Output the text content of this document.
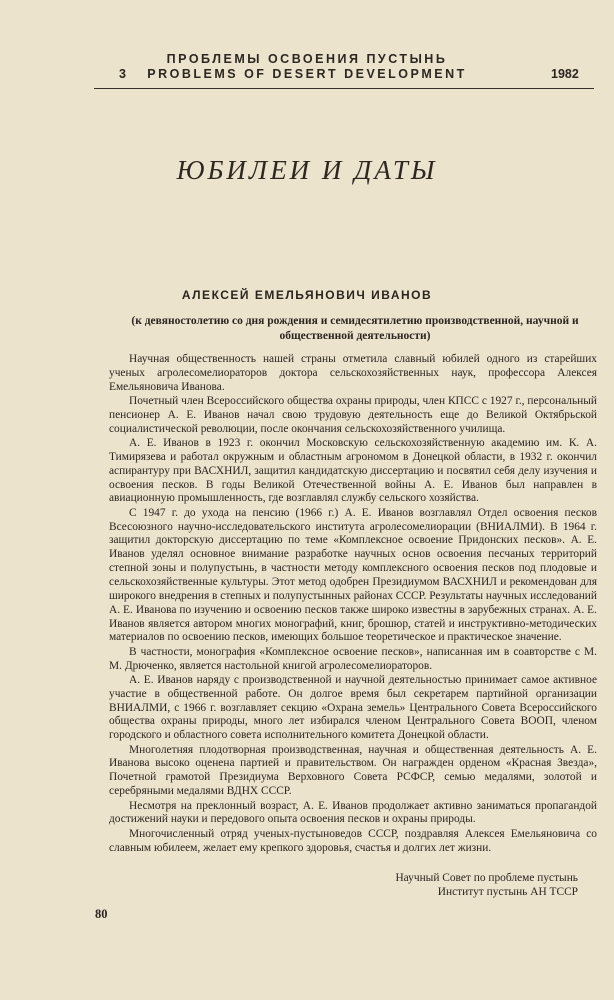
ПРОБЛЕМЫ ОСВОЕНИЯ ПУСТЫНЬ
3	PROBLEMS OF DESERT DEVELOPMENT	1982
ЮБИЛЕИ И ДАТЫ
АЛЕКСЕЙ ЕМЕЛЬЯНОВИЧ ИВАНОВ
(к девяностолетию со дня рождения и семидесятилетию производственной, научной и общественной деятельности)

Научная общественность нашей страны отметила славный юбилей одного из старейших ученых агролесомелиораторов доктора сельскохозяйственных наук, профессора Алексея Емельяновича Иванова.

Почетный член Всероссийского общества охраны природы, член КПСС с 1927 г., персональный пенсионер А. Е. Иванов начал свою трудовую деятельность еще до Великой Октябрьской социалистической революции, после окончания сельскохозяйственного училища.

А. Е. Иванов в 1923 г. окончил Московскую сельскохозяйственную академию им. К. А. Тимирязева и работал окружным и областным агрономом в Донецкой области, в 1932 г. окончил аспирантуру при ВАСХНИЛ, защитил кандидатскую диссертацию и посвятил себя делу изучения и освоения песков. В годы Великой Отечественной войны А. Е. Иванов был направлен в авиационную промышленность, где возглавлял службу сельского хозяйства.

С 1947 г. до ухода на пенсию (1966 г.) А. Е. Иванов возглавлял Отдел освоения песков Всесоюзного научно-исследовательского института агролесомелиорации (ВНИАЛМИ). В 1964 г. защитил докторскую диссертацию по теме «Комплексное освоение Придонских песков». А. Е. Иванов уделял основное внимание разработке научных основ освоения песчаных территорий степной зоны и полупустынь, в частности методу комплексного освоения песков под плодовые и сельскохозяйственные культуры. Этот метод одобрен Президиумом ВАСХНИЛ и рекомендован для широкого внедрения в степных и полупустынных районах СССР. Результаты научных исследований А. Е. Иванова по изучению и освоению песков также широко известны в зарубежных странах. А. Е. Иванов является автором многих монографий, книг, брошюр, статей и инструктивно-методических материалов по освоению песков, имеющих большое теоретическое и практическое значение.

В частности, монография «Комплексное освоение песков», написанная им в соавторстве с М. М. Дрюченко, является настольной книгой агролесомелиораторов.

А. Е. Иванов наряду с производственной и научной деятельностью принимает самое активное участие в общественной работе. Он долгое время был секретарем партийной организации ВНИАЛМИ, с 1966 г. возглавляет секцию «Охрана земель» Центрального Совета Всероссийского общества охраны природы, много лет избирался членом Центрального Совета ВООП, членом городского и областного совета исполнительного комитета Донецкой области.

Многолетняя плодотворная производственная, научная и общественная деятельность А. Е. Иванова высоко оценена партией и правительством. Он награжден орденом «Красная Звезда», Почетной грамотой Президиума Верховного Совета РСФСР, семью медалями, золотой и серебряными медалями ВДНХ СССР.

Несмотря на преклонный возраст, А. Е. Иванов продолжает активно заниматься пропагандой достижений науки и передового опыта освоения песков и охраны природы.

Многочисленный отряд ученых-пустыноведов СССР, поздравляя Алексея Емельяновича со славным юбилеем, желает ему крепкого здоровья, счастья и долгих лет жизни.

Научный Совет по проблеме пустынь
Институт пустынь АН ТССР
80
